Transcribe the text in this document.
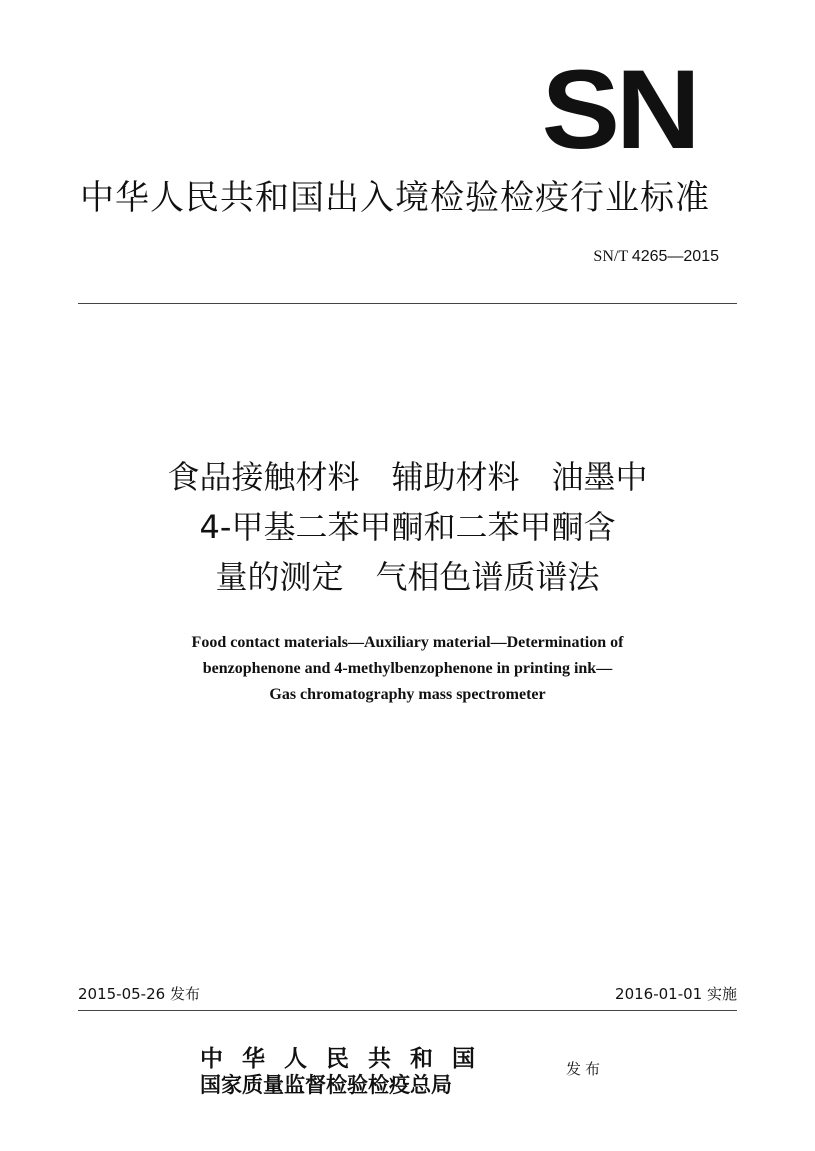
SN
中华人民共和国出入境检验检疫行业标准
SN/T 4265—2015
食品接触材料　辅助材料　油墨中
4-甲基二苯甲酮和二苯甲酮含
量的测定　气相色谱质谱法
Food contact materials—Auxiliary material—Determination of
benzophenone and 4-methylbenzophenone in printing ink—
Gas chromatography mass spectrometer
2015-05-26 发布	2016-01-01 实施
中华人民共和国
国家质量监督检验检疫总局
发布
